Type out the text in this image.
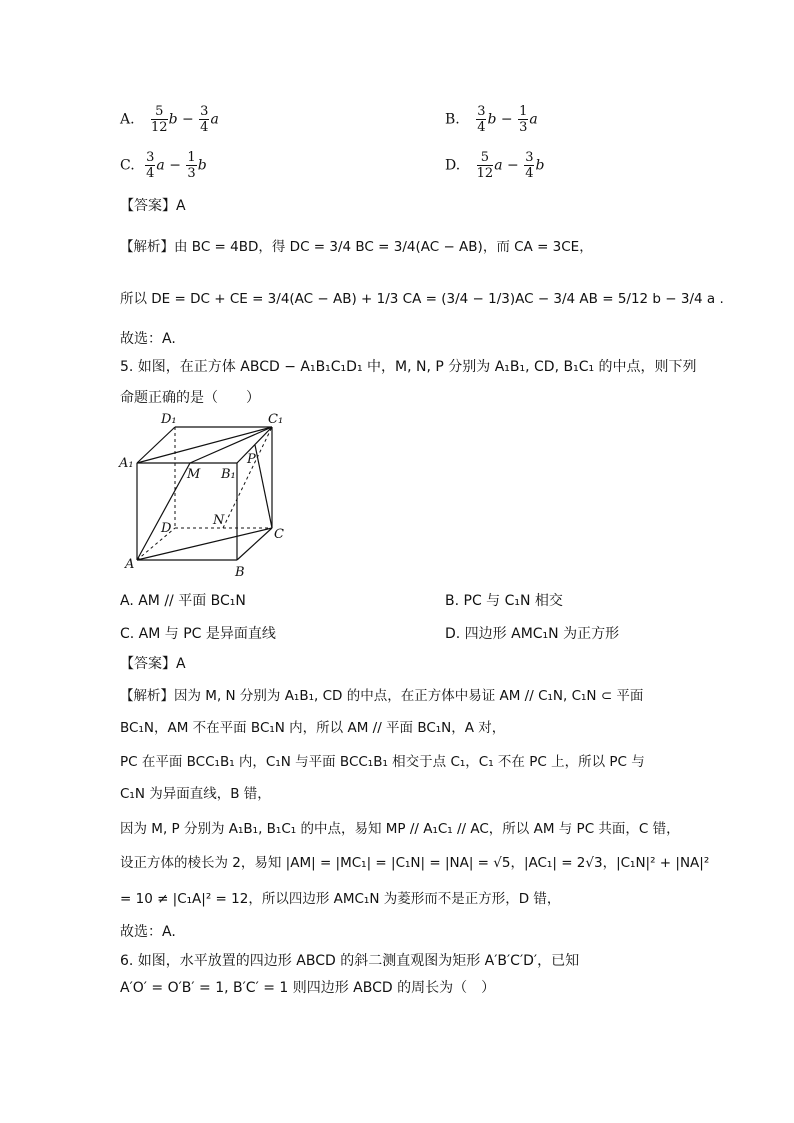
A. $\frac{5}{12}$ $b - \frac{3}{4}$ a	B. $\frac{3}{4}$ $b - \frac{1}{3}$ a
C. $\frac{3}{4}$ $a - \frac{1}{3}$ b	D. $\frac{5}{12}$ $a - \frac{3}{4}$ b
【答案】A
【解析】由 BC = 4BD，得 DC = 3/4 BC = 3/4(AC − AB)，而 CA = 3CE，
所以 DE = DC + CE = 3/4(AC − AB) + 1/3 CA = (3/4 − 1/3)AC − 3/4 AB = 5/12 b − 3/4 a .
故选：A.
5. 如图，在正方体 ABCD − A₁B₁C₁D₁ 中，M, N, P 分别为 A₁B₁, CD, B₁C₁ 的中点，则下列
命题正确的是（　　）
D₁	C₁
A₁
M B₁
P
D
N
C
A
B
A. AM // 平面 BC₁N	B. PC 与 C₁N 相交
C. AM 与 PC 是异面直线	D. 四边形 AMC₁N 为正方形
【答案】A
【解析】因为 M, N 分别为 A₁B₁, CD 的中点，在正方体中易证 AM // C₁N, C₁N ⊂ 平面
BC₁N，AM 不在平面 BC₁N 内，所以 AM // 平面 BC₁N，A 对，
PC 在平面 BCC₁B₁ 内，C₁N 与平面 BCC₁B₁ 相交于点 C₁，C₁ 不在 PC 上，所以 PC 与
C₁N 为异面直线，B 错，
因为 M, P 分别为 A₁B₁, B₁C₁ 的中点，易知 MP // A₁C₁ // AC，所以 AM 与 PC 共面，C 错，
设正方体的棱长为 2，易知 |AM| = |MC₁| = |C₁N| = |NA| = √5，|AC₁| = 2√3，|C₁N|² + |NA|²
= 10 ≠ |C₁A|² = 12，所以四边形 AMC₁N 为菱形而不是正方形，D 错，
故选：A.
6. 如图，水平放置的四边形 ABCD 的斜二测直观图为矩形 A′B′C′D′，已知
A′O′ = O′B′ = 1, B′C′ = 1 则四边形 ABCD 的周长为（　）
